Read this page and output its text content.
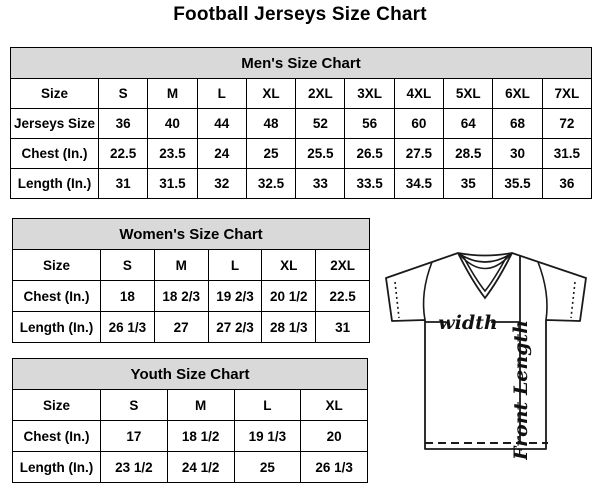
Football Jerseys Size Chart
Men's Size Chart										
Size	S	M	L	XL	2XL	3XL	4XL	5XL	6XL	7XL
Jerseys Size	36	40	44	48	52	56	60	64	68	72
Chest (In.)	22.5	23.5	24	25	25.5	26.5	27.5	28.5	30	31.5
Length (In.)	31	31.5	32	32.5	33	33.5	34.5	35	35.5	36
Women's Size Chart					
Size	S	M	L	XL	2XL
Chest (In.)	18	18 2/3	19 2/3	20 1/2	22.5
Length (In.)	26 1/3	27	27 2/3	28 1/3	31
Youth Size Chart				
Size	S	M	L	XL
Chest (In.)	17	18 1/2	19 1/3	20
Length (In.)	23 1/2	24 1/2	25	26 1/3
width Front Length
